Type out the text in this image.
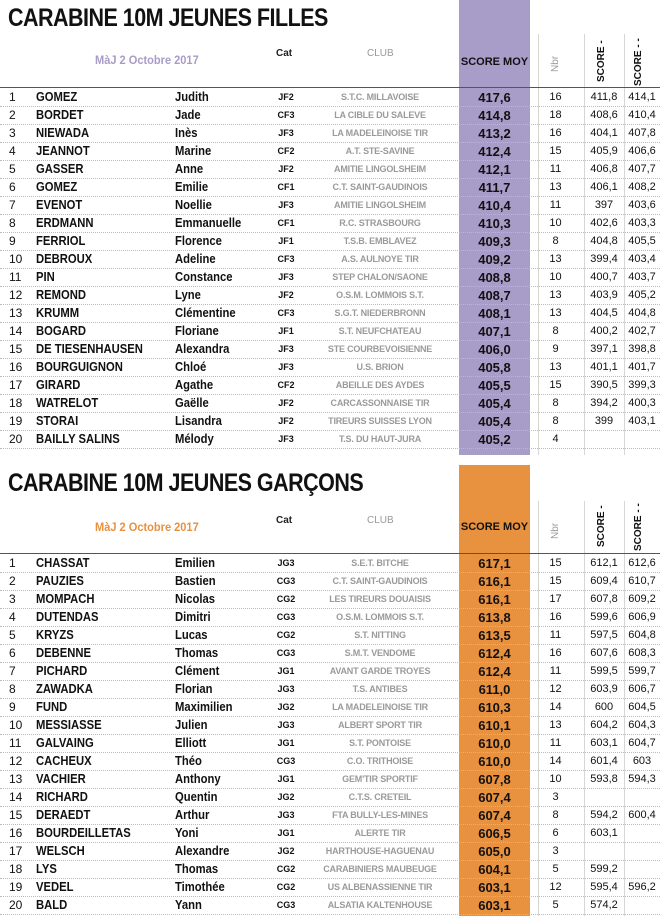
CARABINE 10M JEUNES FILLES
MàJ 2 Octobre 2017	Cat	CLUB
SCORE MOY Nbr	SCORE -	SCORE - -
1	GOMEZ	Judith	JF2	S.T.C. MILLAVOISE	417,6	16	411,8 414,1
2	BORDET	Jade	CF3	LA CIBLE DU SALEVE	414,8	18	408,6 410,4
3	NIEWADA	Inès	JF3	LA MADELEINOISE TIR	413,2	16	404,1 407,8
4	JEANNOT	Marine	CF2	A.T. STE-SAVINE	412,4	15	405,9 406,6
5	GASSER	Anne	JF2	AMITIE LINGOLSHEIM	412,1	11	406,8 407,7
6	GOMEZ	Emilie	CF1	C.T. SAINT-GAUDINOIS	411,7	13	406,1 408,2
7	EVENOT	Noellie	JF3	AMITIE LINGOLSHEIM	410,4	11	397	403,6
8	ERDMANN	Emmanuelle	CF1	R.C. STRASBOURG	410,3	10	402,6 403,3
9	FERRIOL	Florence	JF1	T.S.B. EMBLAVEZ	409,3	8	404,8 405,5
10	DEBROUX	Adeline	CF3	A.S. AULNOYE TIR	409,2	13	399,4 403,4
11	PIN	Constance	JF3	STEP CHALON/SAONE	408,8	10	400,7 403,7
12	REMOND	Lyne	JF2	O.S.M. LOMMOIS S.T.	408,7	13	403,9 405,2
13	KRUMM	Clémentine	CF3	S.G.T. NIEDERBRONN	408,1	13	404,5 404,8
14	BOGARD	Floriane	JF1	S.T. NEUFCHATEAU	407,1	8	400,2 402,7
15	DE TIESENHAUSEN	Alexandra	JF3	STE COURBEVOISIENNE	406,0	9	397,1 398,8
16	BOURGUIGNON	Chloé	JF3	U.S. BRION	405,8	13	401,1 401,7
17	GIRARD	Agathe	CF2	ABEILLE DES AYDES	405,5	15	390,5 399,3
18	WATRELOT	Gaëlle	JF2	CARCASSONNAISE TIR	405,4	8	394,2 400,3
19	STORAI	Lisandra	JF2	TIREURS SUISSES LYON	405,4	8	399	403,1
20	BAILLY SALINS	Mélody	JF3	T.S. DU HAUT-JURA	405,2	4
CARABINE 10M JEUNES GARÇONS
MàJ 2 Octobre 2017	Cat	CLUB
SCORE MOY Nbr	SCORE -	SCORE - -
1	CHASSAT	Emilien	JG3	S.E.T. BITCHE	617,1	15	612,1 612,6
2	PAUZIES	Bastien	CG3	C.T. SAINT-GAUDINOIS	616,1	15	609,4 610,7
3	MOMPACH	Nicolas	CG2	LES TIREURS DOUAISIS	616,1	17	607,8 609,2
4	DUTENDAS	Dimitri	CG3	O.S.M. LOMMOIS S.T.	613,8	16	599,6 606,9
5	KRYZS	Lucas	CG2	S.T. NITTING	613,5	11	597,5 604,8
6	DEBENNE	Thomas	CG3	S.M.T. VENDOME	612,4	16	607,6 608,3
7	PICHARD	Clément	JG1	AVANT GARDE TROYES	612,4	11	599,5 599,7
8	ZAWADKA	Florian	JG3	T.S. ANTIBES	611,0	12	603,9 606,7
9	FUND	Maximilien	JG2	LA MADELEINOISE TIR	610,3	14	600	604,5
10	MESSIASSE	Julien	JG3	ALBERT SPORT TIR	610,1	13	604,2 604,3
11	GALVAING	Elliott	JG1	S.T. PONTOISE	610,0	11	603,1 604,7
12	CACHEUX	Théo	CG3	C.O. TRITHOISE	610,0	14	601,4	603
13	VACHIER	Anthony	JG1	GEM'TIR SPORTIF	607,8	10	593,8 594,3
14	RICHARD	Quentin	JG2	C.T.S. CRETEIL	607,4	3
15	DERAEDT	Arthur	JG3	FTA BULLY-LES-MINES	607,4	8	594,2 600,4
16	BOURDEILLETAS	Yoni	JG1	ALERTE TIR	606,5	6	603,1
17	WELSCH	Alexandre	JG2	HARTHOUSE-HAGUENAU	605,0	3
18	LYS	Thomas	CG2	CARABINIERS MAUBEUGE	604,1	5	599,2
19	VEDEL	Timothée	CG2	US ALBENASSIENNE TIR	603,1	12	595,4 596,2
20	BALD	Yann	CG3	ALSATIA KALTENHOUSE	603,1	5	574,2
